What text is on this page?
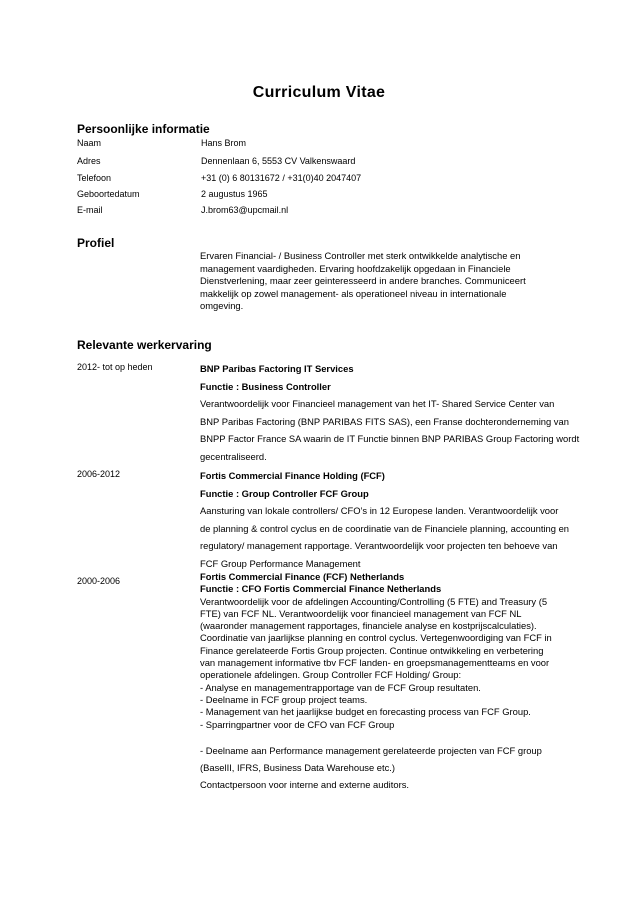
Curriculum Vitae
Persoonlijke informatie
Naam	Hans Brom
Adres	Dennenlaan 6, 5553 CV Valkenswaard
Telefoon	+31 (0) 6 80131672 / +31(0)40 2047407
Geboortedatum	2 augustus 1965
E-mail	J.brom63@upcmail.nl
Profiel
Ervaren Financial- / Business Controller met sterk ontwikkelde analytische en
management vaardigheden. Ervaring hoofdzakelijk opgedaan in Financiele
Dienstverlening, maar zeer geinteresseerd in andere branches. Communiceert
makkelijk op zowel management- als operationeel niveau in internationale
omgeving.
Relevante werkervaring
2012- tot op heden	BNP Paribas Factoring IT Services
Functie : Business Controller
Verantwoordelijk voor Financieel management van het IT- Shared Service Center van
BNP Paribas Factoring (BNP PARIBAS FITS SAS), een Franse dochteronderneming van
BNPP Factor France SA waarin de IT Functie binnen BNP PARIBAS Group Factoring wordt
gecentraliseerd.
2006-2012	Fortis Commercial Finance Holding (FCF)
Functie : Group Controller FCF Group
Aansturing van lokale controllers/ CFO’s in 12 Europese landen. Verantwoordelijk voor
de planning & control cyclus en de coordinatie van de Financiele planning, accounting en
regulatory/ management rapportage. Verantwoordelijk voor projecten ten behoeve van
FCF Group Performance Management
2000-2006	Fortis Commercial Finance (FCF) Netherlands
Functie : CFO Fortis Commercial Finance Netherlands
Verantwoordelijk voor de afdelingen Accounting/Controlling (5 FTE) and Treasury (5
FTE) van FCF NL. Verantwoordelijk voor financieel management van FCF NL
(waaronder management rapportages, financiele analyse en kostprijscalculaties).
Coordinatie van jaarlijkse planning en control cyclus. Vertegenwoordiging van FCF in
Finance gerelateerde Fortis Group projecten. Continue ontwikkeling en verbetering
van management informative tbv FCF landen- en groepsmanagementteams en voor
operationele afdelingen. Group Controller FCF Holding/ Group:
- Analyse en managementrapportage van de FCF Group resultaten.
- Deelname in FCF group project teams.
- Management van het jaarlijkse budget en forecasting process van FCF Group.
- Sparringpartner voor de CFO van FCF Group
- Deelname aan Performance management gerelateerde projecten van FCF group
(BaselII, IFRS, Business Data Warehouse etc.)
Contactpersoon voor interne and externe auditors.
